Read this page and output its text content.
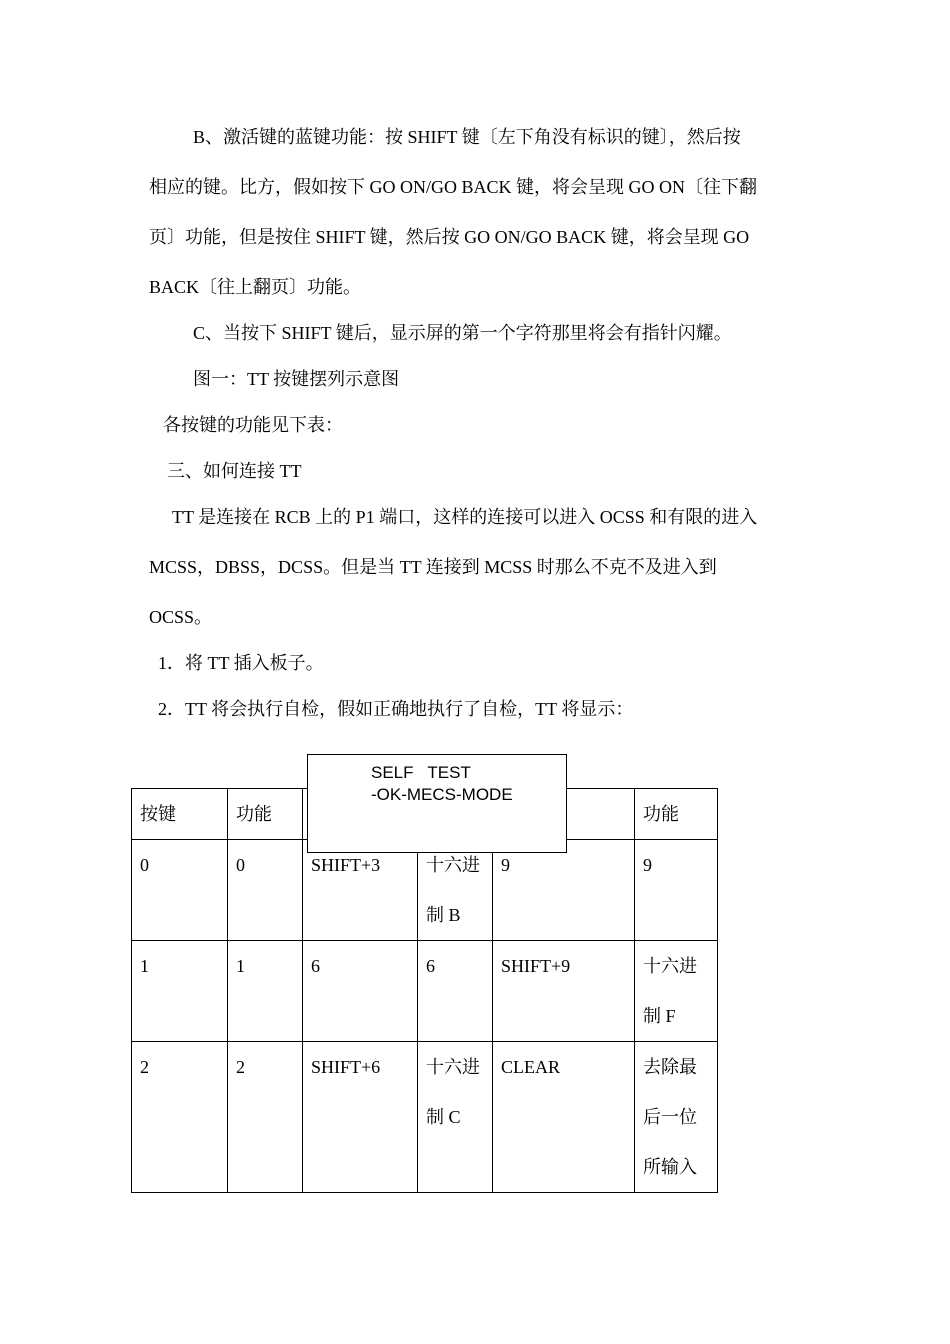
B、激活键的蓝键功能：按 SHIFT 键〔左下角没有标识的键〕，然后按
相应的键。比方，假如按下 GO ON/GO BACK 键，将会呈现 GO ON〔往下翻
页〕功能，但是按住 SHIFT 键，然后按 GO ON/GO BACK 键，将会呈现 GO
BACK〔往上翻页〕功能。
C、当按下 SHIFT 键后，显示屏的第一个字符那里将会有指针闪耀。
图一：TT 按键摆列示意图
各按键的功能见下表：
三、如何连接 TT
TT 是连接在 RCB 上的 P1 端口，这样的连接可以进入 OCSS 和有限的进入
MCSS，DBSS，DCSS。但是当 TT 连接到 MCSS 时那么不克不及进入到
OCSS。
1．将 TT 插入板子。
2．TT 将会执行自检，假如正确地执行了自检，TT 将显示：
按键	功能				功能
0	0	SHIFT+3	十六进制 B	9	9
1	1	6	6	SHIFT+9	十六进制 F
2	2	SHIFT+6	十六进制 C	CLEAR	去除最后一位所输入
SELF   TEST
-OK-MECS-MODE
